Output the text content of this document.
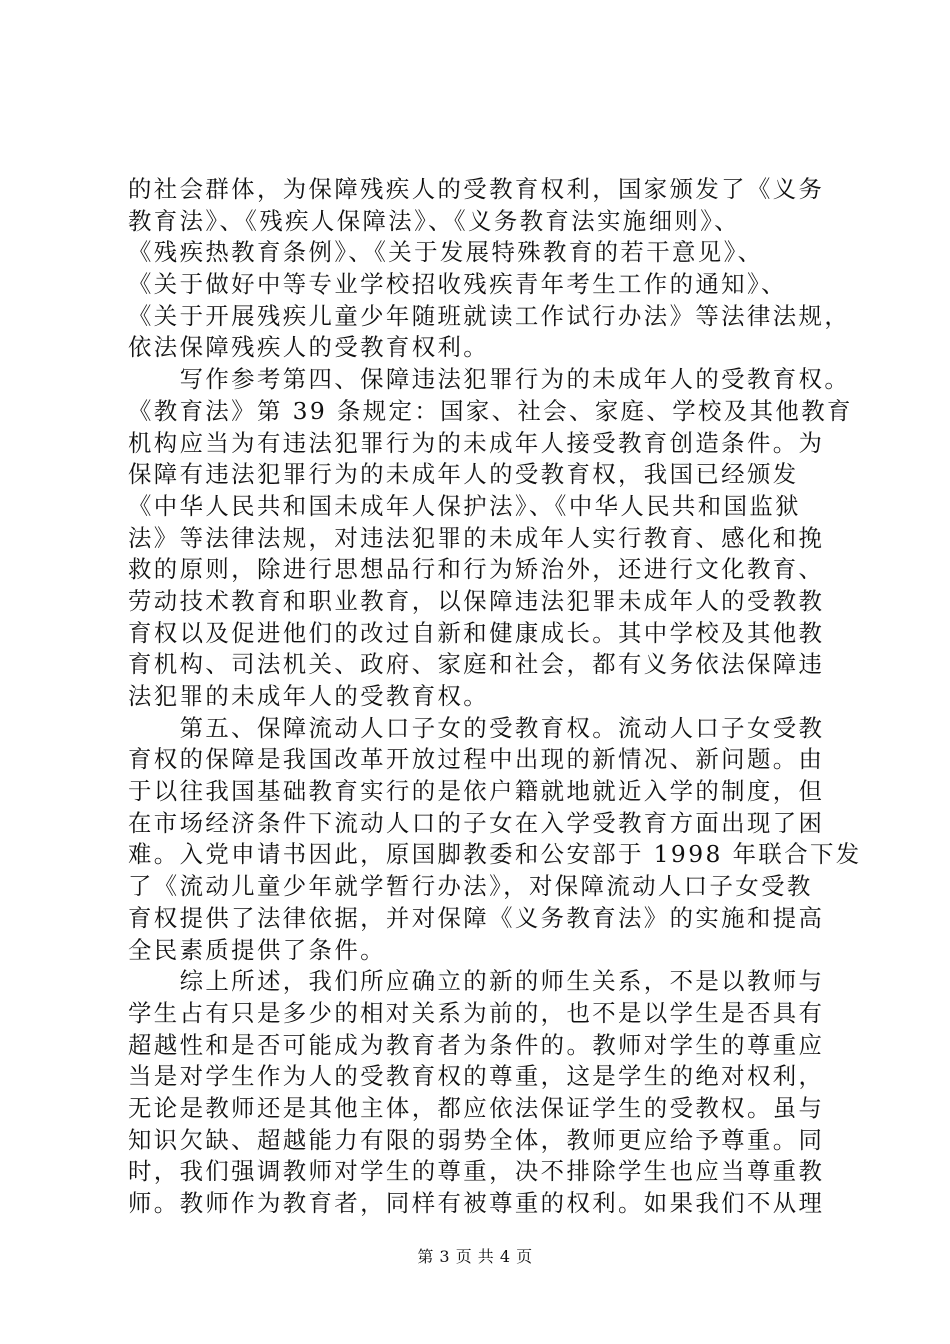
的社会群体，为保障残疾人的受教育权利，国家颁发了《义务
教育法》、《残疾人保障法》、《义务教育法实施细则》、
《残疾热教育条例》、《关于发展特殊教育的若干意见》、
《关于做好中等专业学校招收残疾青年考生工作的通知》、
《关于开展残疾儿童少年随班就读工作试行办法》等法律法规，
依法保障残疾人的受教育权利。
　　写作参考第四、保障违法犯罪行为的未成年人的受教育权。
《教育法》第 39 条规定：国家、社会、家庭、学校及其他教育
机构应当为有违法犯罪行为的未成年人接受教育创造条件。为
保障有违法犯罪行为的未成年人的受教育权，我国已经颁发
《中华人民共和国未成年人保护法》、《中华人民共和国监狱
法》等法律法规，对违法犯罪的未成年人实行教育、感化和挽
救的原则，除进行思想品行和行为矫治外，还进行文化教育、
劳动技术教育和职业教育，以保障违法犯罪未成年人的受教教
育权以及促进他们的改过自新和健康成长。其中学校及其他教
育机构、司法机关、政府、家庭和社会，都有义务依法保障违
法犯罪的未成年人的受教育权。
　　第五、保障流动人口子女的受教育权。流动人口子女受教
育权的保障是我国改革开放过程中出现的新情况、新问题。由
于以往我国基础教育实行的是依户籍就地就近入学的制度，但
在市场经济条件下流动人口的子女在入学受教育方面出现了困
难。入党申请书因此，原国脚教委和公安部于 1998 年联合下发
了《流动儿童少年就学暂行办法》，对保障流动人口子女受教
育权提供了法律依据，并对保障《义务教育法》的实施和提高
全民素质提供了条件。
　　综上所述，我们所应确立的新的师生关系，不是以教师与
学生占有只是多少的相对关系为前的，也不是以学生是否具有
超越性和是否可能成为教育者为条件的。教师对学生的尊重应
当是对学生作为人的受教育权的尊重，这是学生的绝对权利，
无论是教师还是其他主体，都应依法保证学生的受教权。虽与
知识欠缺、超越能力有限的弱势全体，教师更应给予尊重。同
时，我们强调教师对学生的尊重，决不排除学生也应当尊重教
师。教师作为教育者，同样有被尊重的权利。如果我们不从理
第 3 页 共 4 页
